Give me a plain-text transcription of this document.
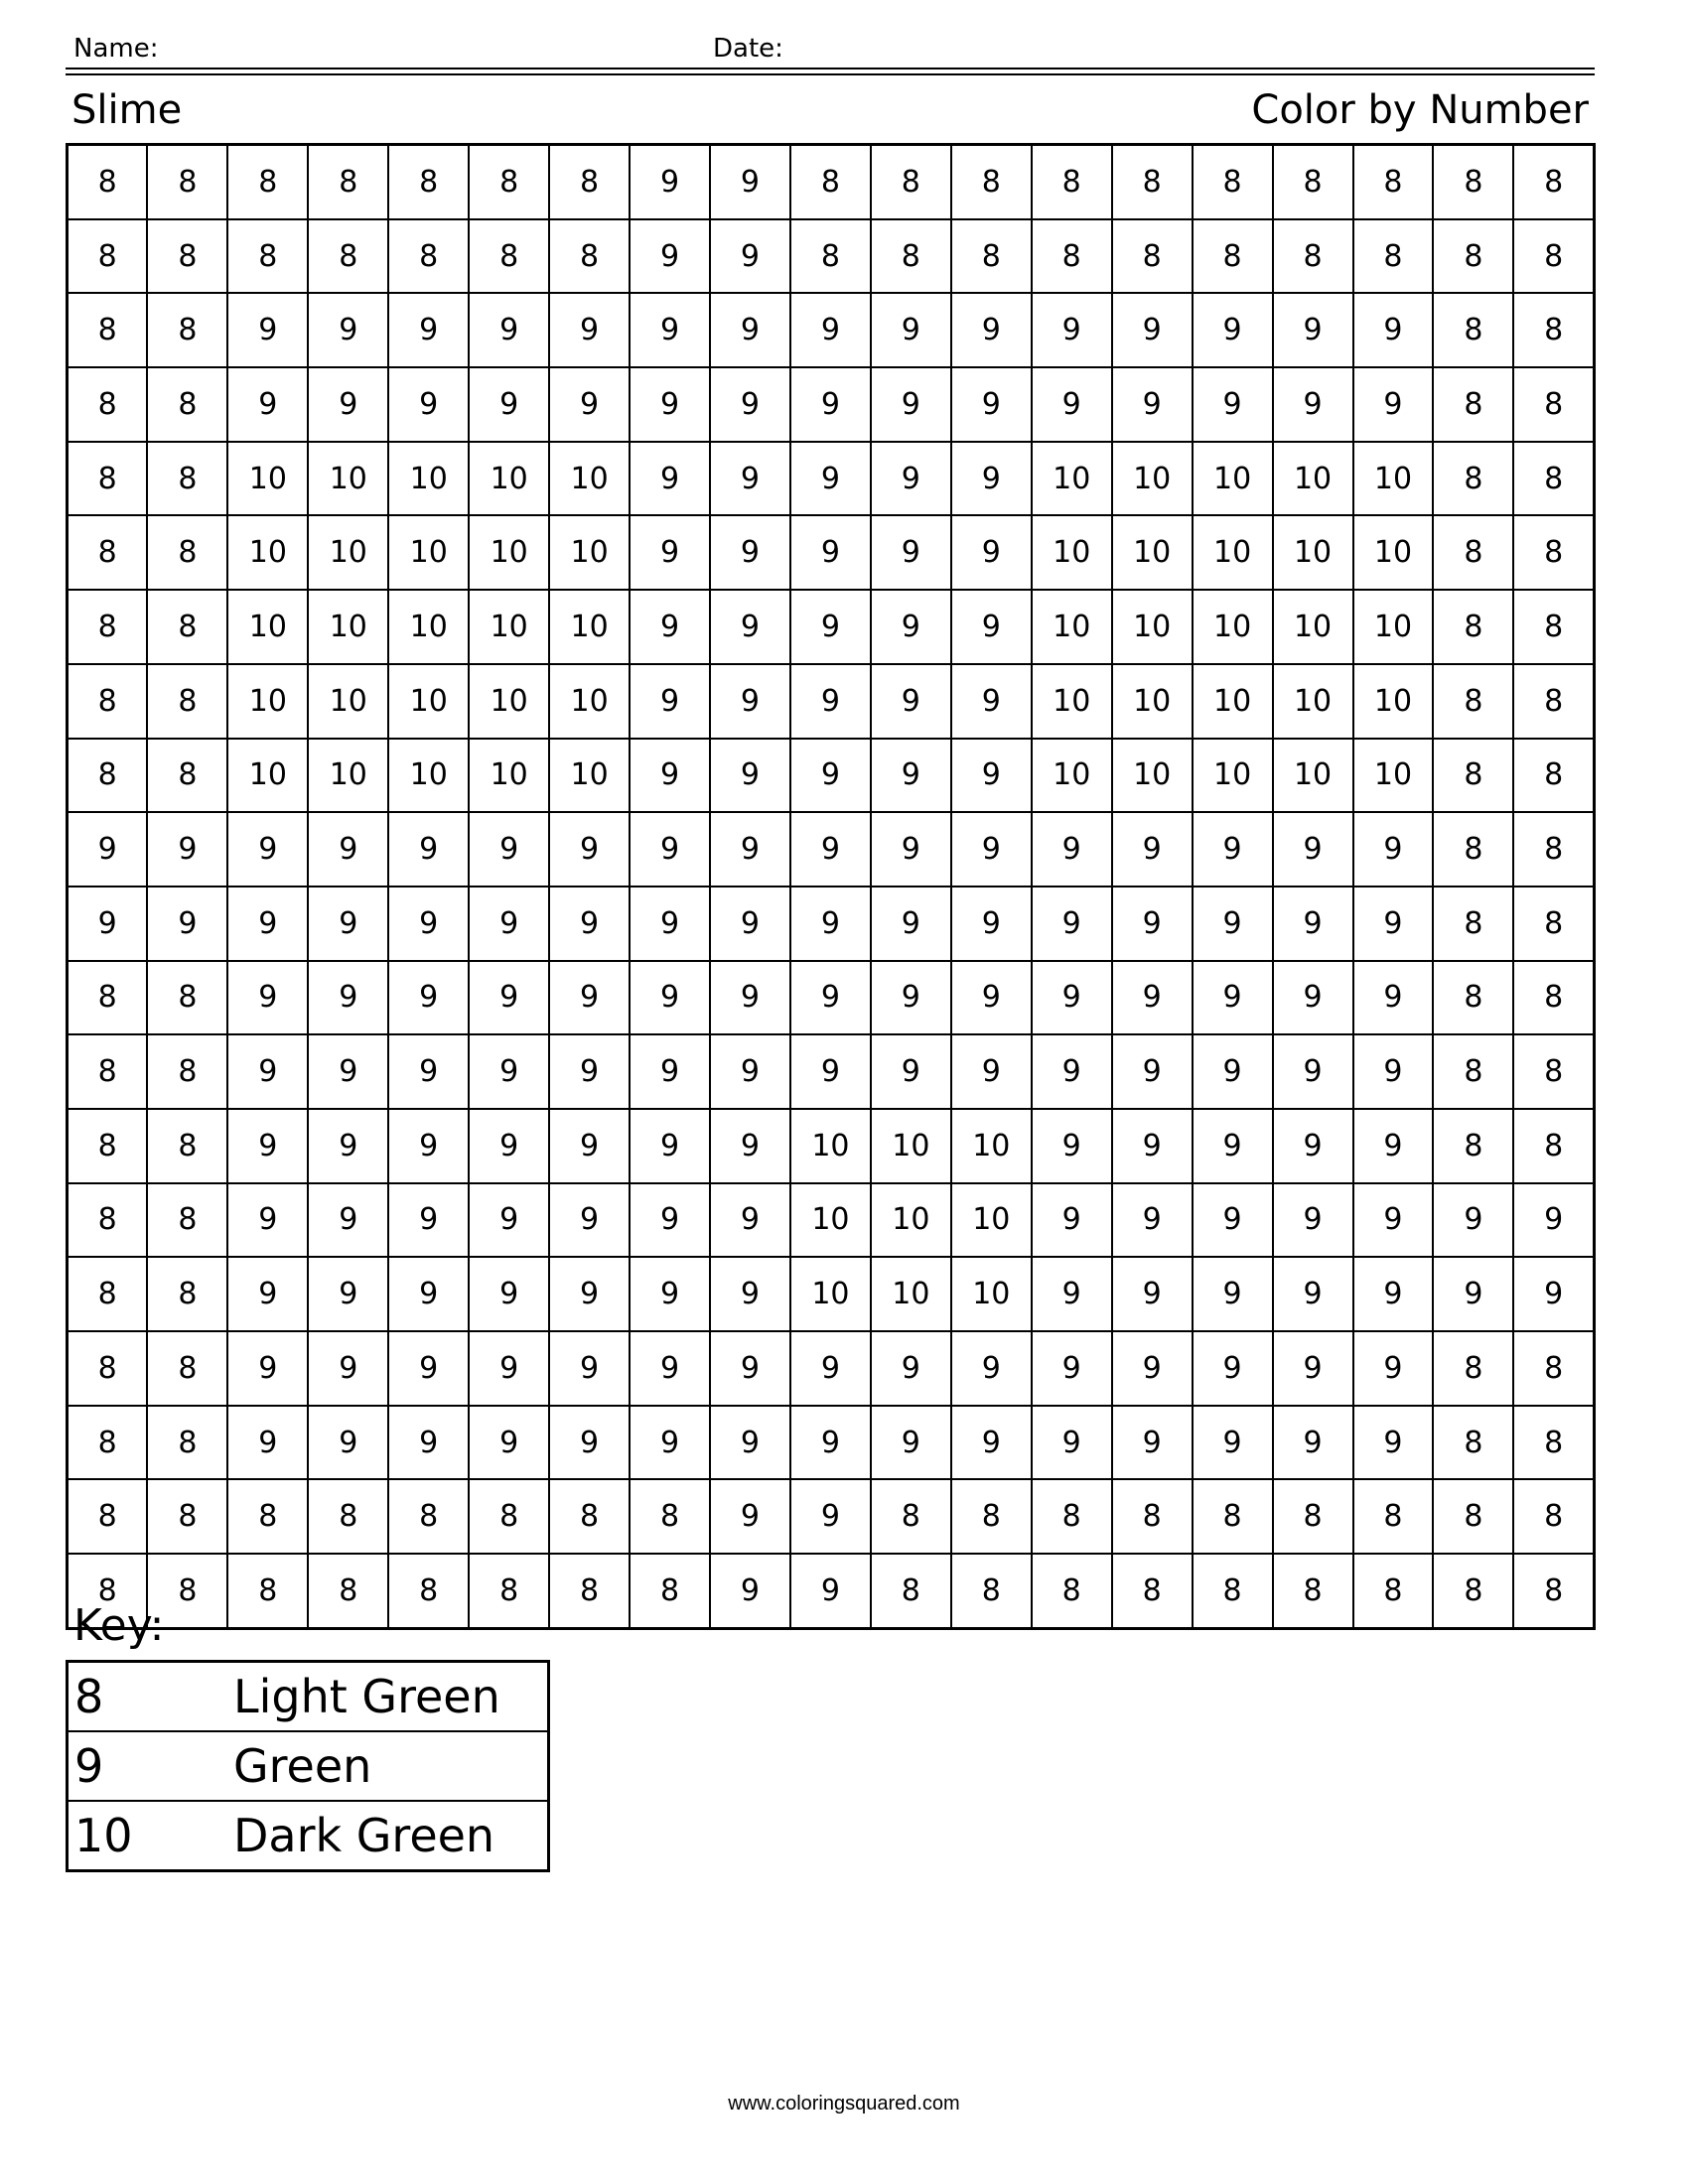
Name:	Date:
Slime	Color by Number
8	8	8	8	8	8	8	9	9	8	8	8	8	8	8	8	8	8	8
8	8	8	8	8	8	8	9	9	8	8	8	8	8	8	8	8	8	8
8	8	9	9	9	9	9	9	9	9	9	9	9	9	9	9	9	8	8
8	8	9	9	9	9	9	9	9	9	9	9	9	9	9	9	9	8	8
8	8	10	10	10	10	10	9	9	9	9	9	10	10	10	10	10	8	8
8	8	10	10	10	10	10	9	9	9	9	9	10	10	10	10	10	8	8
8	8	10	10	10	10	10	9	9	9	9	9	10	10	10	10	10	8	8
8	8	10	10	10	10	10	9	9	9	9	9	10	10	10	10	10	8	8
8	8	10	10	10	10	10	9	9	9	9	9	10	10	10	10	10	8	8
9	9	9	9	9	9	9	9	9	9	9	9	9	9	9	9	9	8	8
9	9	9	9	9	9	9	9	9	9	9	9	9	9	9	9	9	8	8
8	8	9	9	9	9	9	9	9	9	9	9	9	9	9	9	9	8	8
8	8	9	9	9	9	9	9	9	9	9	9	9	9	9	9	9	8	8
8	8	9	9	9	9	9	9	9	10	10	10	9	9	9	9	9	8	8
8	8	9	9	9	9	9	9	9	10	10	10	9	9	9	9	9	9	9
8	8	9	9	9	9	9	9	9	10	10	10	9	9	9	9	9	9	9
8	8	9	9	9	9	9	9	9	9	9	9	9	9	9	9	9	8	8
8	8	9	9	9	9	9	9	9	9	9	9	9	9	9	9	9	8	8
8	8	8	8	8	8	8	8	9	9	8	8	8	8	8	8	8	8	8
8	8	8	8	8	8	8	8	9	9	8	8	8	8	8	8	8	8	8
Key:
8	Light Green
9	Green
10	Dark Green
www.coloringsquared.com
